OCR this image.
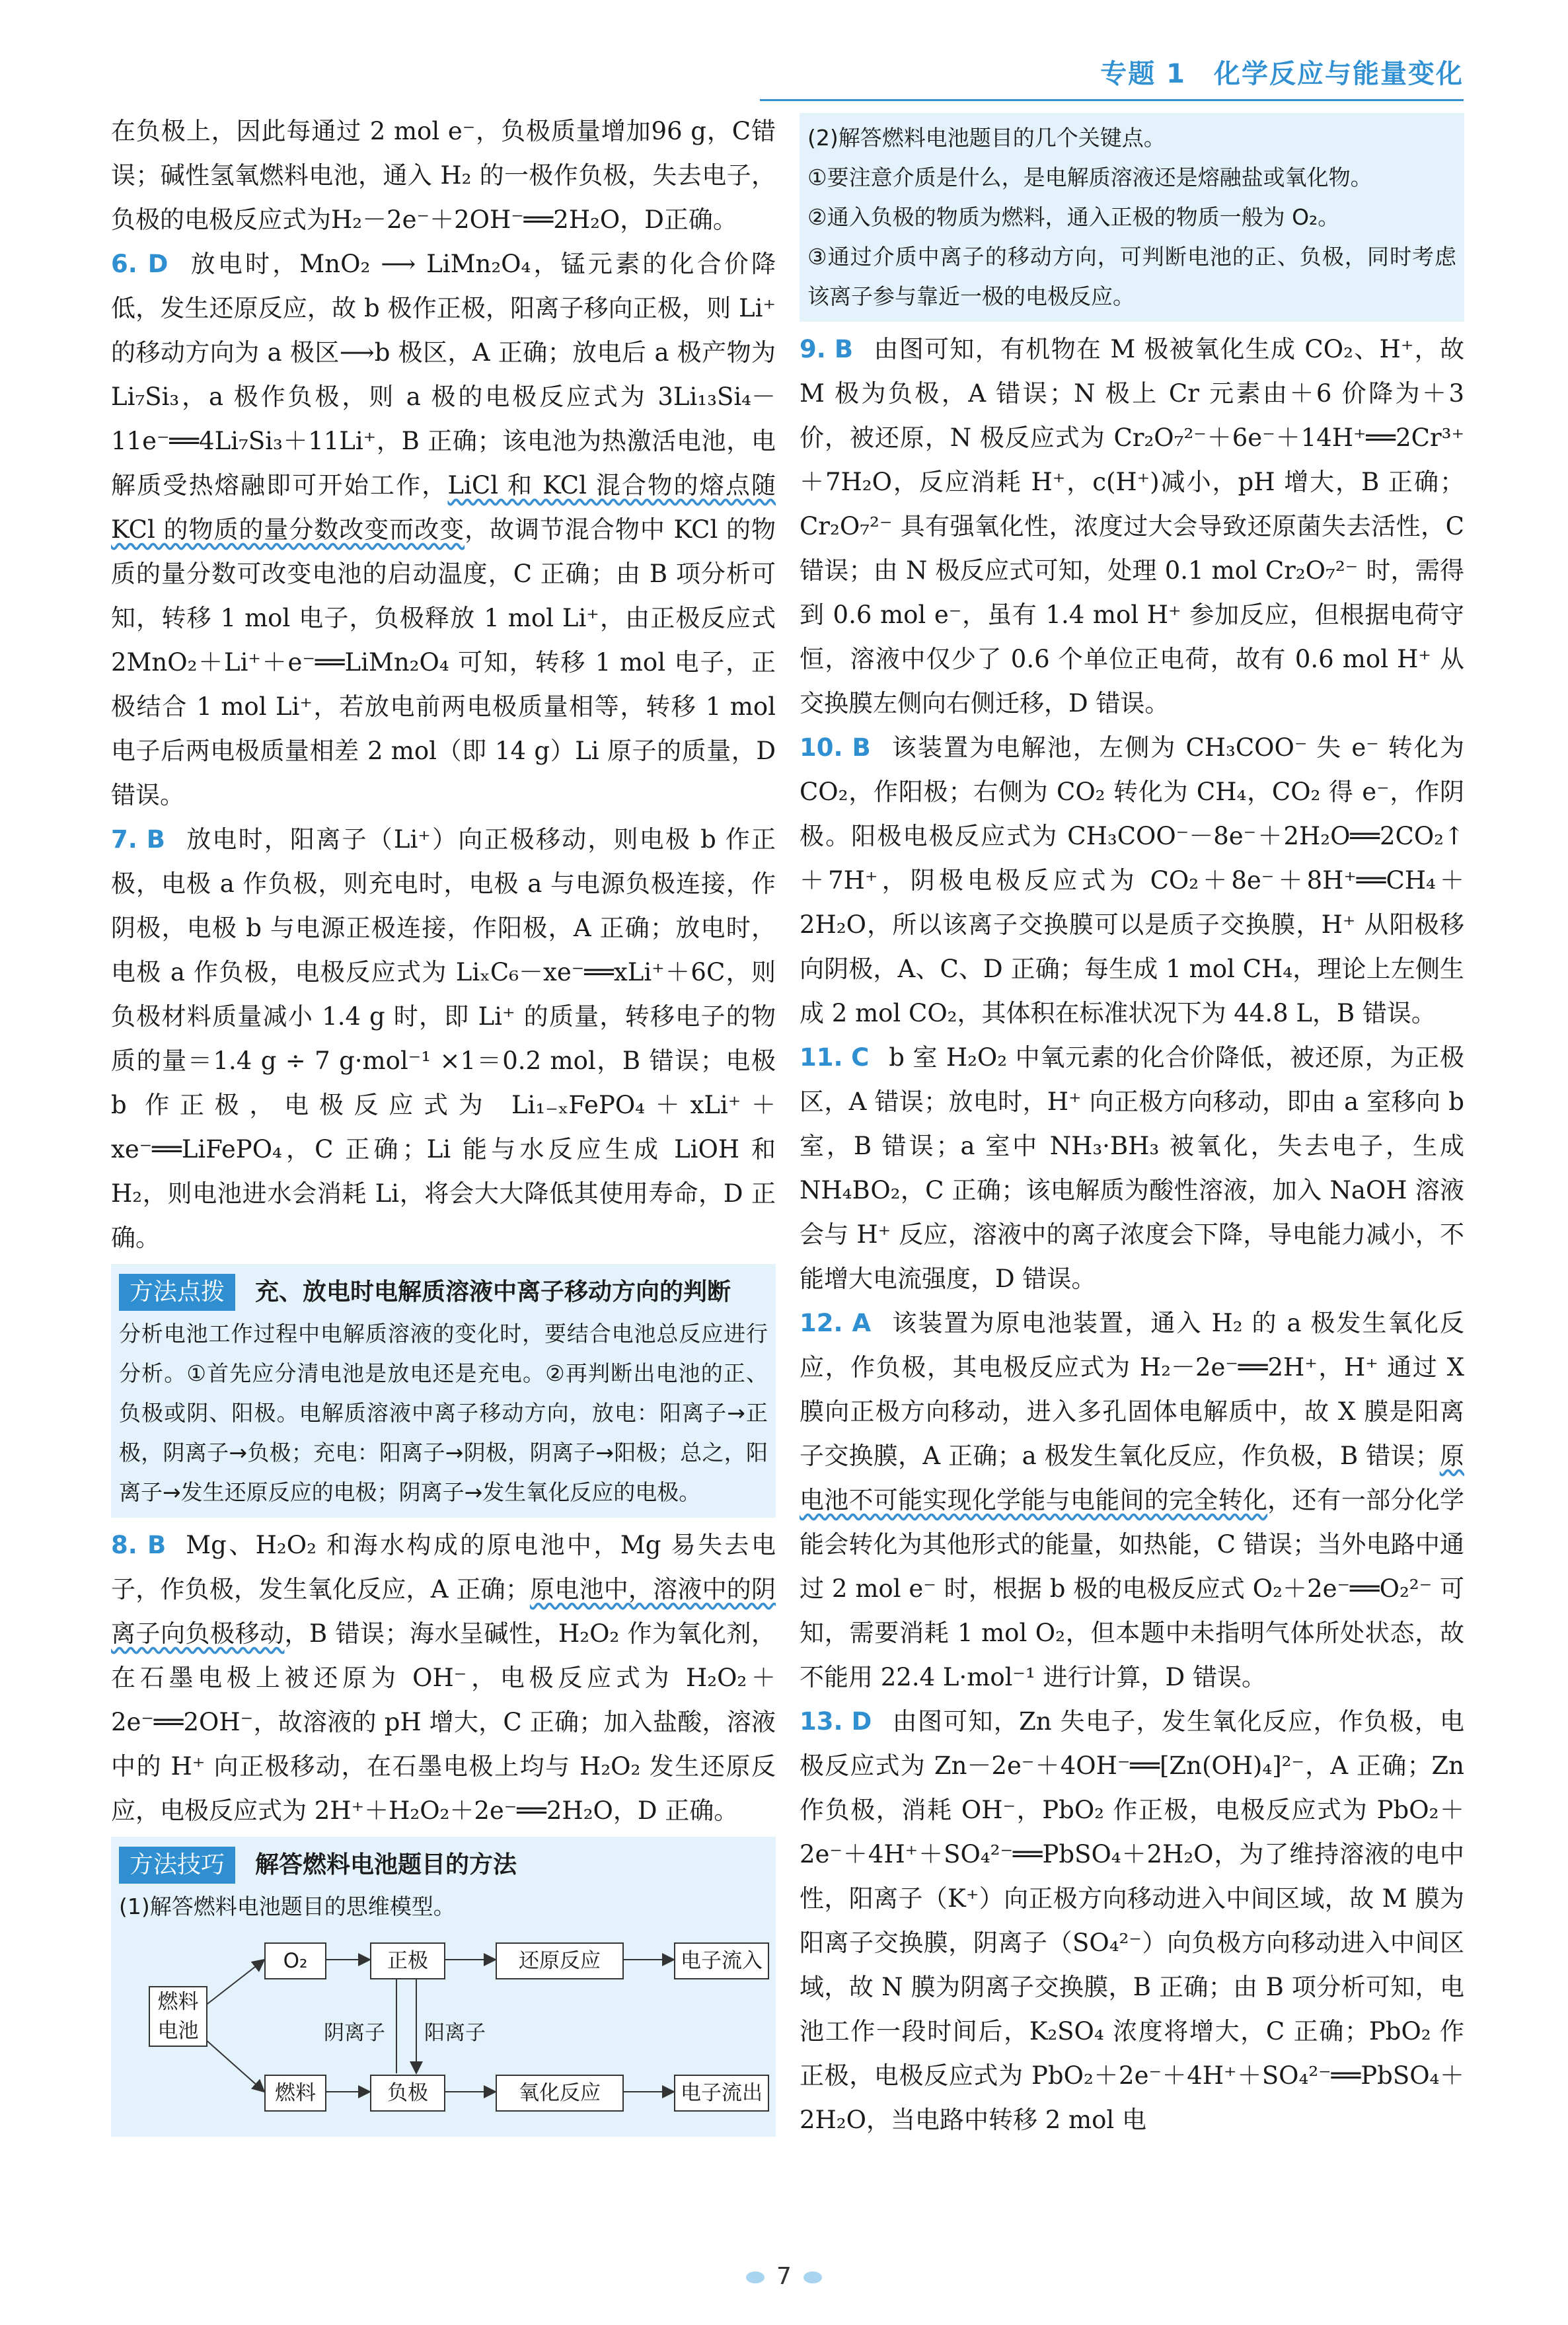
专题 1　化学反应与能量变化

在负极上，因此每通过 2 mol e⁻，负极质量增加96 g，C错误；碱性氢氧燃料电池，通入 H₂ 的一极作负极，失去电子，负极的电极反应式为H₂－2e⁻＋2OH⁻══2H₂O，D正确。

6. D 放电时，MnO₂ ⟶ LiMn₂O₄，锰元素的化合价降低，发生还原反应，故 b 极作正极，阳离子移向正极，则 Li⁺ 的移动方向为 a 极区⟶b 极区，A 正确；放电后 a 极产物为 Li₇Si₃，a 极作负极，则 a 极的电极反应式为 3Li₁₃Si₄－11e⁻══4Li₇Si₃＋11Li⁺，B 正确；该电池为热激活电池，电解质受热熔融即可开始工作，LiCl 和 KCl 混合物的熔点随 KCl 的物质的量分数改变而改变，故调节混合物中 KCl 的物质的量分数可改变电池的启动温度，C 正确；由 B 项分析可知，转移 1 mol 电子，负极释放 1 mol Li⁺，由正极反应式 2MnO₂＋Li⁺＋e⁻══LiMn₂O₄ 可知，转移 1 mol 电子，正极结合 1 mol Li⁺，若放电前两电极质量相等，转移 1 mol 电子后两电极质量相差 2 mol（即 14 g）Li 原子的质量，D 错误。

7. B 放电时，阳离子（Li⁺）向正极移动，则电极 b 作正极，电极 a 作负极，则充电时，电极 a 与电源负极连接，作阴极，电极 b 与电源正极连接，作阳极，A 正确；放电时，电极 a 作负极，电极反应式为 LiₓC₆－xe⁻══xLi⁺＋6C，则负极材料质量减小 1.4 g 时，即 Li⁺ 的质量，转移电子的物质的量＝1.4 g ÷ 7 g·mol⁻¹ ×1＝0.2 mol，B 错误；电极 b 作正极，电极反应式为 Li₁₋ₓFePO₄＋xLi⁺＋xe⁻══LiFePO₄，C 正确；Li 能与水反应生成 LiOH 和 H₂，则电池进水会消耗 Li，将会大大降低其使用寿命，D 正确。

方法点拨 充、放电时电解质溶液中离子移动方向的判断
分析电池工作过程中电解质溶液的变化时，要结合电池总反应进行分析。①首先应分清电池是放电还是充电。②再判断出电池的正、负极或阴、阳极。电解质溶液中离子移动方向，放电：阳离子→正极，阴离子→负极；充电：阳离子→阴极，阴离子→阳极；总之，阳离子→发生还原反应的电极；阴离子→发生氧化反应的电极。

8. B Mg、H₂O₂ 和海水构成的原电池中，Mg 易失去电子，作负极，发生氧化反应，A 正确；原电池中，溶液中的阴离子向负极移动，B 错误；海水呈碱性，H₂O₂ 作为氧化剂，在石墨电极上被还原为 OH⁻，电极反应式为 H₂O₂＋2e⁻══2OH⁻，故溶液的 pH 增大，C 正确；加入盐酸，溶液中的 H⁺ 向正极移动，在石墨电极上均与 H₂O₂ 发生还原反应，电极反应式为 2H⁺＋H₂O₂＋2e⁻══2H₂O，D 正确。

方法技巧 解答燃料电池题目的方法
(1)解答燃料电池题目的思维模型。
燃料电池
O₂	正极	还原反应	电子流入
燃料	负极	氧化反应	电子流出
阴离子 阳离子
(2)解答燃料电池题目的几个关键点。
①要注意介质是什么，是电解质溶液还是熔融盐或氧化物。
②通入负极的物质为燃料，通入正极的物质一般为 O₂。
③通过介质中离子的移动方向，可判断电池的正、负极，同时考虑该离子参与靠近一极的电极反应。

9. B 由图可知，有机物在 M 极被氧化生成 CO₂、H⁺，故 M 极为负极，A 错误；N 极上 Cr 元素由＋6 价降为＋3 价，被还原，N 极反应式为 Cr₂O₇²⁻＋6e⁻＋14H⁺══2Cr³⁺＋7H₂O，反应消耗 H⁺，c(H⁺)减小，pH 增大，B 正确；Cr₂O₇²⁻ 具有强氧化性，浓度过大会导致还原菌失去活性，C 错误；由 N 极反应式可知，处理 0.1 mol Cr₂O₇²⁻ 时，需得到 0.6 mol e⁻，虽有 1.4 mol H⁺ 参加反应，但根据电荷守恒，溶液中仅少了 0.6 个单位正电荷，故有 0.6 mol H⁺ 从交换膜左侧向右侧迁移，D 错误。

10. B 该装置为电解池，左侧为 CH₃COO⁻ 失 e⁻ 转化为 CO₂，作阳极；右侧为 CO₂ 转化为 CH₄，CO₂ 得 e⁻，作阴极。阳极电极反应式为 CH₃COO⁻－8e⁻＋2H₂O══2CO₂↑＋7H⁺，阴极电极反应式为 CO₂＋8e⁻＋8H⁺══CH₄＋2H₂O，所以该离子交换膜可以是质子交换膜，H⁺ 从阳极移向阴极，A、C、D 正确；每生成 1 mol CH₄，理论上左侧生成 2 mol CO₂，其体积在标准状况下为 44.8 L，B 错误。

11. C b 室 H₂O₂ 中氧元素的化合价降低，被还原，为正极区，A 错误；放电时，H⁺ 向正极方向移动，即由 a 室移向 b 室，B 错误；a 室中 NH₃·BH₃ 被氧化，失去电子，生成 NH₄BO₂，C 正确；该电解质为酸性溶液，加入 NaOH 溶液会与 H⁺ 反应，溶液中的离子浓度会下降，导电能力减小，不能增大电流强度，D 错误。

12. A 该装置为原电池装置，通入 H₂ 的 a 极发生氧化反应，作负极，其电极反应式为 H₂－2e⁻══2H⁺，H⁺ 通过 X 膜向正极方向移动，进入多孔固体电解质中，故 X 膜是阳离子交换膜，A 正确；a 极发生氧化反应，作负极，B 错误；原电池不可能实现化学能与电能间的完全转化，还有一部分化学能会转化为其他形式的能量，如热能，C 错误；当外电路中通过 2 mol e⁻ 时，根据 b 极的电极反应式 O₂＋2e⁻══O₂²⁻ 可知，需要消耗 1 mol O₂，但本题中未指明气体所处状态，故不能用 22.4 L·mol⁻¹ 进行计算，D 错误。

13. D 由图可知，Zn 失电子，发生氧化反应，作负极，电极反应式为 Zn－2e⁻＋4OH⁻══[Zn(OH)₄]²⁻，A 正确；Zn 作负极，消耗 OH⁻，PbO₂ 作正极，电极反应式为 PbO₂＋2e⁻＋4H⁺＋SO₄²⁻══PbSO₄＋2H₂O，为了维持溶液的电中性，阳离子（K⁺）向正极方向移动进入中间区域，故 M 膜为阳离子交换膜，阴离子（SO₄²⁻）向负极方向移动进入中间区域，故 N 膜为阴离子交换膜，B 正确；由 B 项分析可知，电池工作一段时间后，K₂SO₄ 浓度将增大，C 正确；PbO₂ 作正极，电极反应式为 PbO₂＋2e⁻＋4H⁺＋SO₄²⁻══PbSO₄＋2H₂O，当电路中转移 2 mol 电

7
